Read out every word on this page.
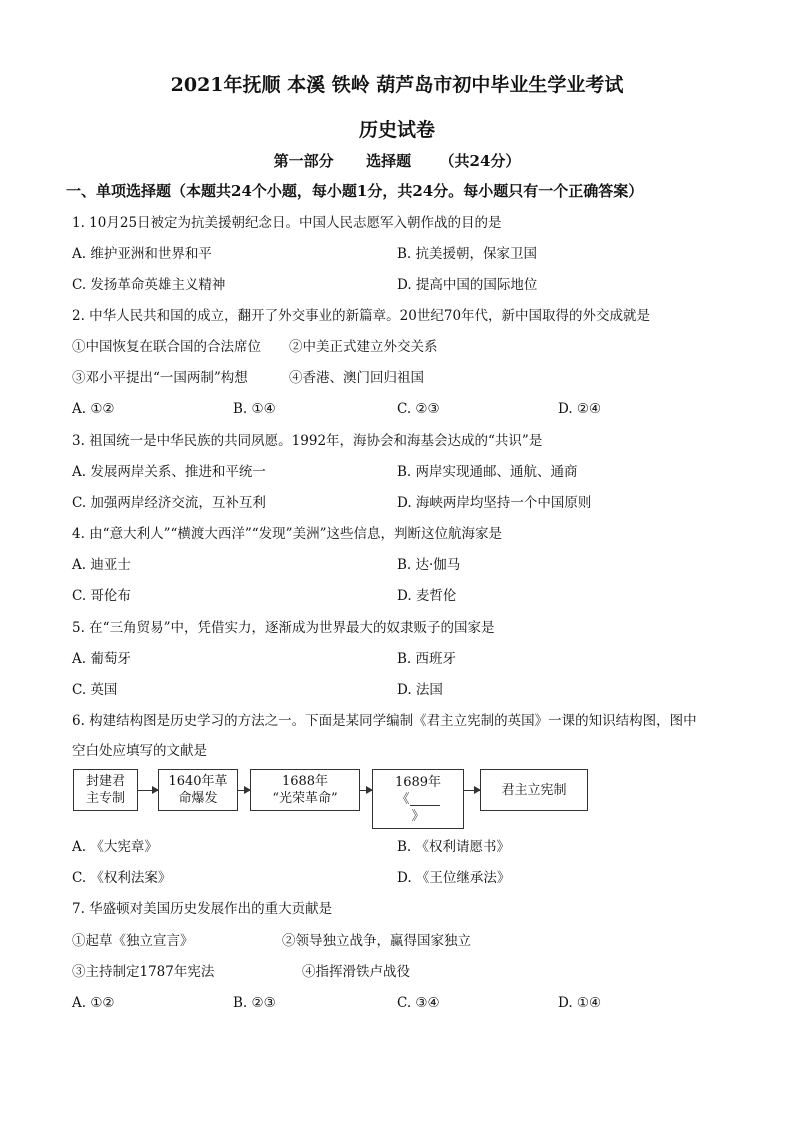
2021年抚顺 本溪 铁岭 葫芦岛市初中毕业生学业考试
历史试卷
第一部分 选择题 （共24分）
一、单项选择题（本题共24个小题，每小题1分，共24分。每小题只有一个正确答案）
1. 10月25日被定为抗美援朝纪念日。中国人民志愿军入朝作战的目的是
A. 维护亚洲和世界和平	B. 抗美援朝，保家卫国
C. 发扬革命英雄主义精神	D. 提高中国的国际地位
2. 中华人民共和国的成立，翻开了外交事业的新篇章。20世纪70年代，新中国取得的外交成就是
①中国恢复在联合国的合法席位 ②中美正式建立外交关系
③邓小平提出“一国两制”构想	④香港、澳门回归祖国
A. ①②	B. ①④	C. ②③	D. ②④
3. 祖国统一是中华民族的共同夙愿。1992年，海协会和海基会达成的“共识”是
A. 发展两岸关系、推进和平统一	B. 两岸实现通邮、通航、通商
C. 加强两岸经济交流，互补互利	D. 海峡两岸均坚持一个中国原则
4. 由“意大利人”“横渡大西洋”“发现”美洲”这些信息，判断这位航海家是
A. 迪亚士	B. 达·伽马
C. 哥伦布	D. 麦哲伦
5. 在“三角贸易”中，凭借实力，逐渐成为世界最大的奴隶贩子的国家是
A. 葡萄牙	B. 西班牙
C. 英国	D. 法国
6. 构建结构图是历史学习的方法之一。下面是某同学编制《君主立宪制的英国》一课的知识结构图，图中
空白处应填写的文献是
封建君
主专制
1640年革
命爆发
1688年
“光荣革命”
1689年
《
》
君主立宪制
A. 《大宪章》	B. 《权利请愿书》
C. 《权利法案》	D. 《王位继承法》
7. 华盛顿对美国历史发展作出的重大贡献是
①起草《独立宣言》	②领导独立战争，赢得国家独立
③主持制定1787年宪法	④指挥滑铁卢战役
A. ①②	B. ②③	C. ③④	D. ①④
